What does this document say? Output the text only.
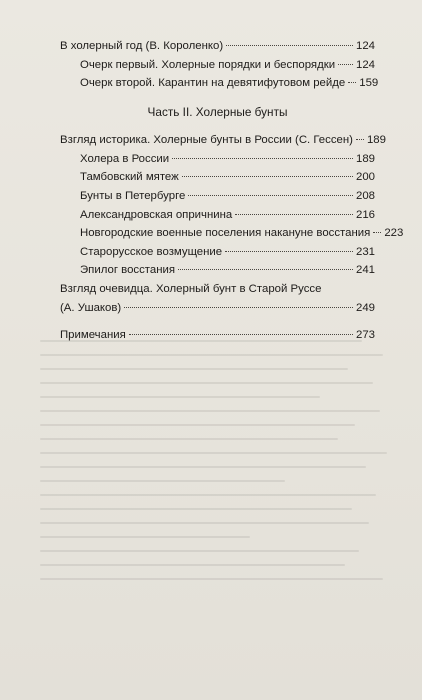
В холерный год (В. Короленко)	124
Очерк первый. Холерные порядки и беспорядки 124
Очерк второй. Карантин на девятифутовом рейде 159
Часть II. Холерные бунты
Взгляд историка. Холерные бунты в России (С. Гессен) 189
Холера в России	189
Тамбовский мятеж	200
Бунты в Петербурге	208
Александровская опричнина	216
Новгородские военные поселения накануне восстания 223
Староруcское возмущение	231
Эпилог восстания	241
Взгляд очевидца. Холерный бунт в Старой Руссе
(А. Ушаков)	249
Примечания	273
